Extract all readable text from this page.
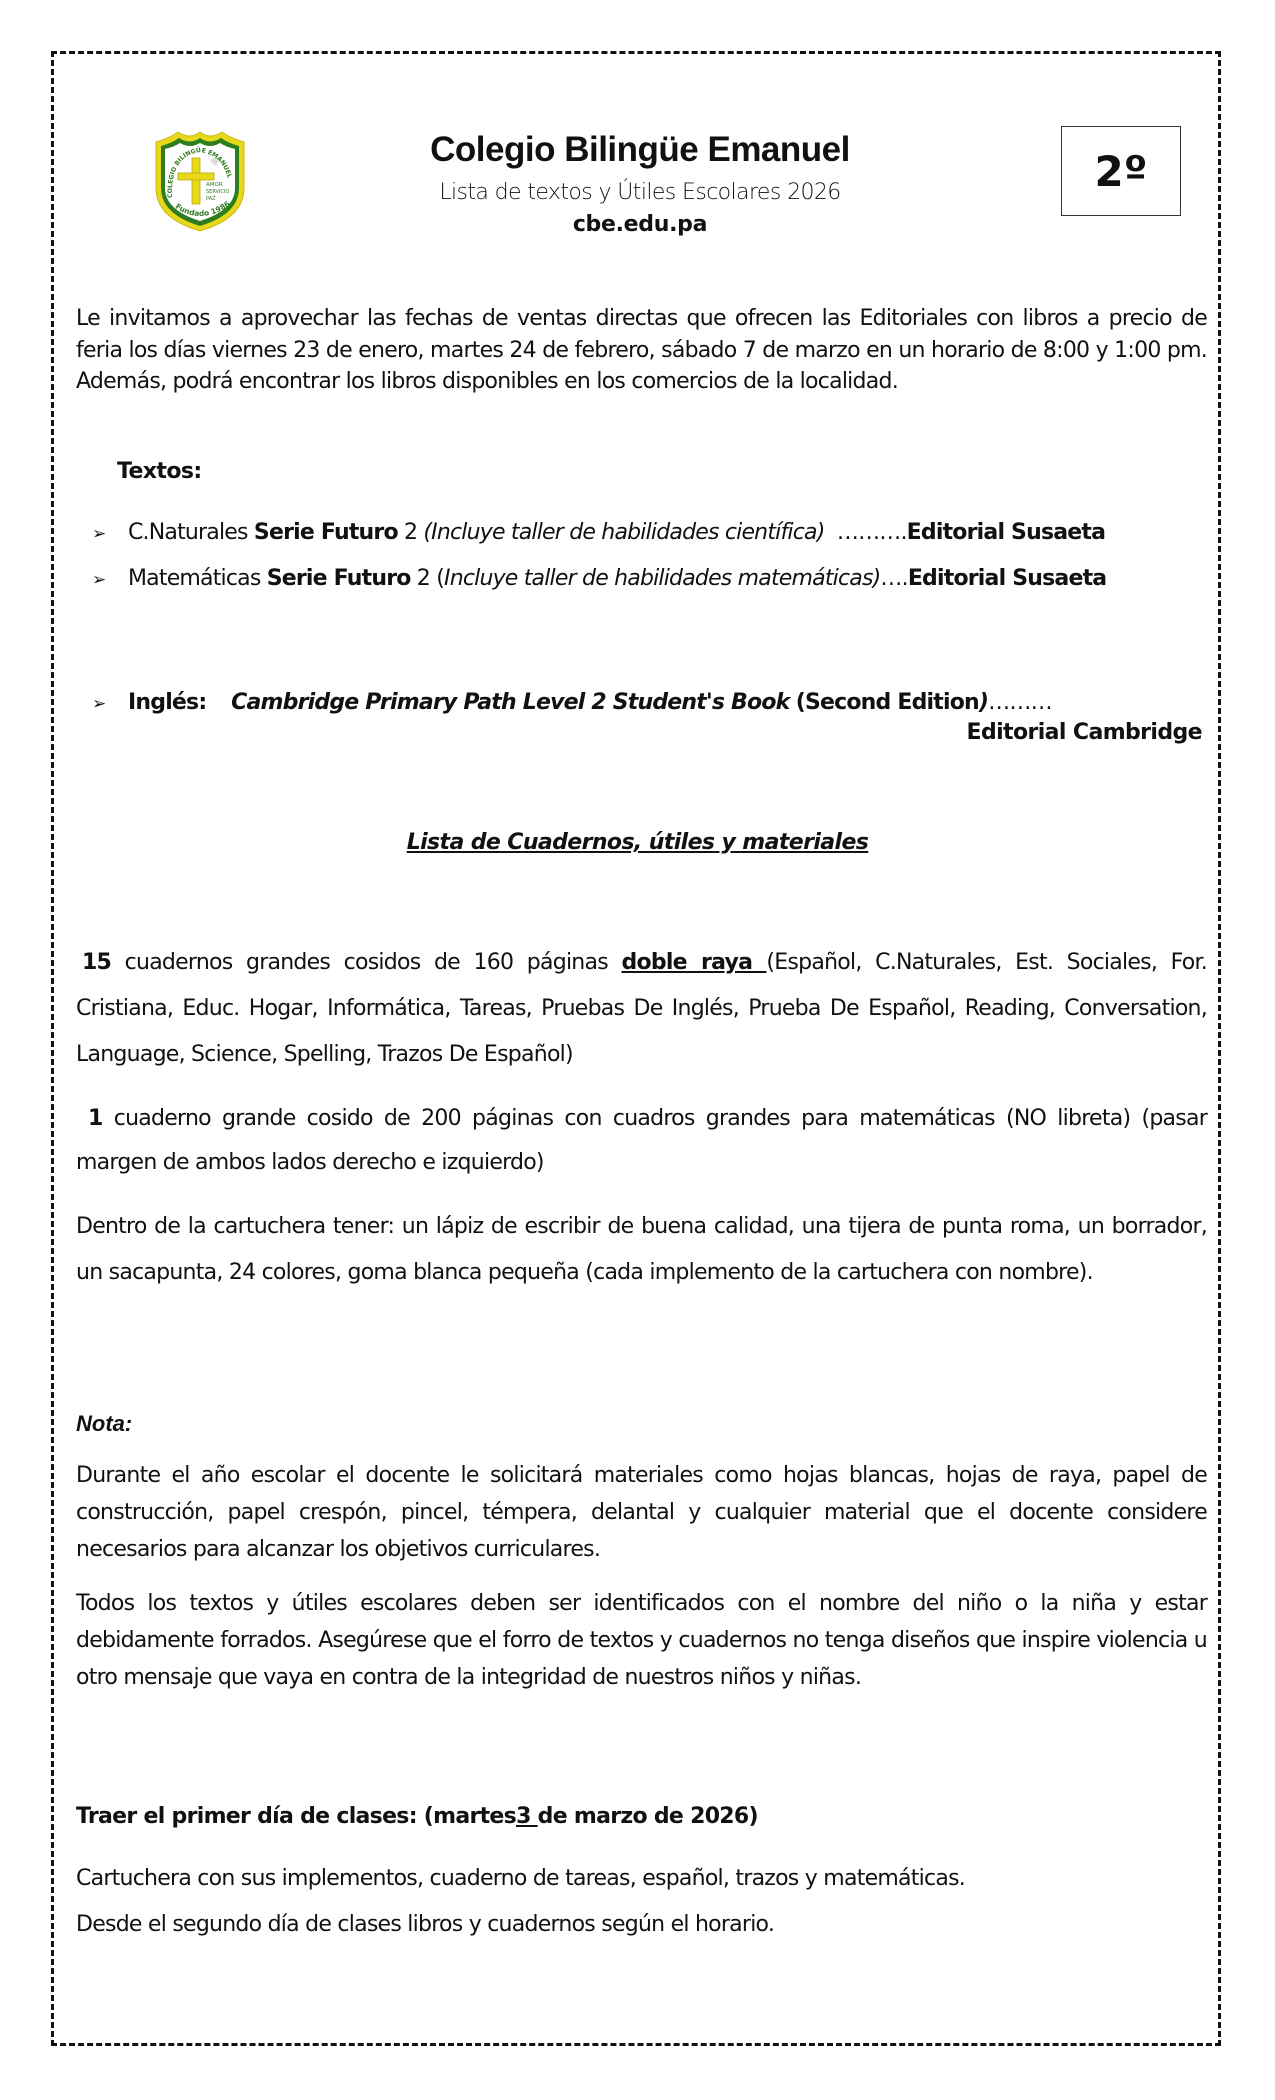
AMOR
SERVICIO
PAZ
COLEGIO BILINGÜE EMANUEL
Fundado 1986
Colegio Bilingüe Emanuel
Lista de textos y Útiles Escolares 2026
cbe.edu.pa
2º
Le invitamos a aprovechar las fechas de ventas directas que ofrecen las Editoriales con libros a precio de feria los días viernes 23 de enero, martes 24 de febrero, sábado 7 de marzo en un horario de 8:00 y 1:00 pm. Además, podrá encontrar los libros disponibles en los comercios de la localidad.
Textos:
➢ C.Naturales Serie Futuro 2 (Incluye taller de habilidades científica) ……….Editorial Susaeta
➢ Matemáticas Serie Futuro 2 (Incluye taller de habilidades matemáticas)….Editorial Susaeta
➢ Inglés: Cambridge Primary Path Level 2 Student's Book (Second Edition)………
Editorial Cambridge
Lista de Cuadernos, útiles y materiales
15 cuadernos grandes cosidos de 160 páginas doble raya (Español, C.Naturales, Est. Sociales, For. Cristiana, Educ. Hogar, Informática, Tareas, Pruebas De Inglés, Prueba De Español, Reading, Conversation, Language, Science, Spelling, Trazos De Español)
1 cuaderno grande cosido de 200 páginas con cuadros grandes para matemáticas (NO libreta) (pasar margen de ambos lados derecho e izquierdo)
Dentro de la cartuchera tener: un lápiz de escribir de buena calidad, una tijera de punta roma, un borrador, un sacapunta, 24 colores, goma blanca pequeña (cada implemento de la cartuchera con nombre).
Nota:
Durante el año escolar el docente le solicitará materiales como hojas blancas, hojas de raya, papel de construcción, papel crespón, pincel, témpera, delantal y cualquier material que el docente considere necesarios para alcanzar los objetivos curriculares.
Todos los textos y útiles escolares deben ser identificados con el nombre del niño o la niña y estar debidamente forrados. Asegúrese que el forro de textos y cuadernos no tenga diseños que inspire violencia u otro mensaje que vaya en contra de la integridad de nuestros niños y niñas.
Traer el primer día de clases: (martes3 de marzo de 2026)
Cartuchera con sus implementos, cuaderno de tareas, español, trazos y matemáticas.
Desde el segundo día de clases libros y cuadernos según el horario.
